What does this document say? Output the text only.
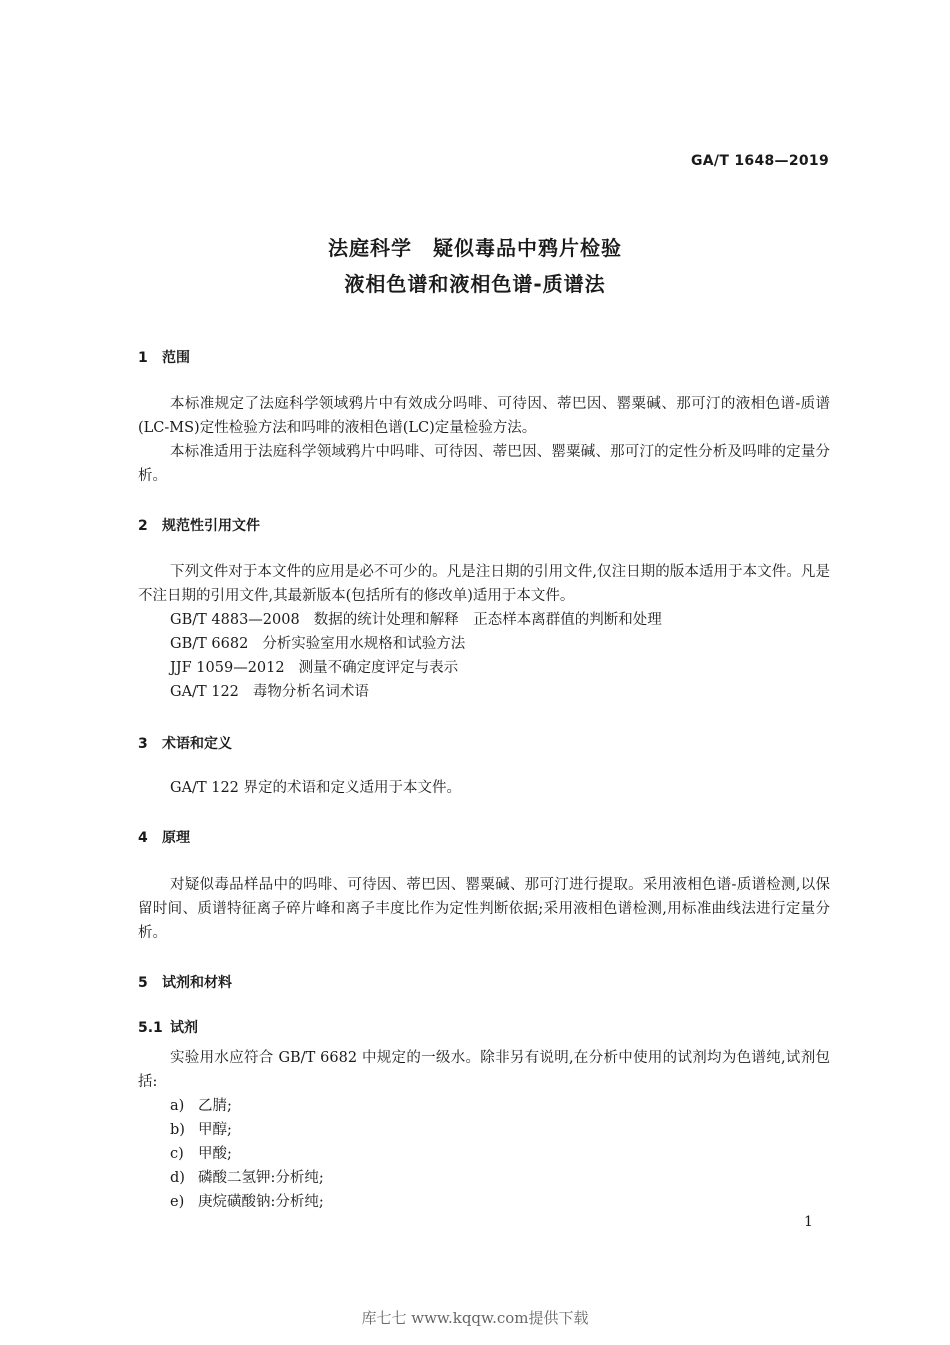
GA/T 1648—2019
法庭科学　疑似毒品中鸦片检验
液相色谱和液相色谱-质谱法
1 范围
本标准规定了法庭科学领域鸦片中有效成分吗啡、可待因、蒂巴因、罂粟碱、那可汀的液相色谱-质谱(LC-MS)定性检验方法和吗啡的液相色谱(LC)定量检验方法。
本标准适用于法庭科学领域鸦片中吗啡、可待因、蒂巴因、罂粟碱、那可汀的定性分析及吗啡的定量分析。
2 规范性引用文件
下列文件对于本文件的应用是必不可少的。凡是注日期的引用文件,仅注日期的版本适用于本文件。凡是不注日期的引用文件,其最新版本(包括所有的修改单)适用于本文件。
GB/T 4883—2008 数据的统计处理和解释　正态样本离群值的判断和处理
GB/T 6682 分析实验室用水规格和试验方法
JJF 1059—2012 测量不确定度评定与表示
GA/T 122 毒物分析名词术语
3 术语和定义
GA/T 122 界定的术语和定义适用于本文件。
4 原理
对疑似毒品样品中的吗啡、可待因、蒂巴因、罂粟碱、那可汀进行提取。采用液相色谱-质谱检测,以保留时间、质谱特征离子碎片峰和离子丰度比作为定性判断依据;采用液相色谱检测,用标准曲线法进行定量分析。
5 试剂和材料
5.1 试剂
实验用水应符合 GB/T 6682 中规定的一级水。除非另有说明,在分析中使用的试剂均为色谱纯,试剂包括:
a) 乙腈;
b) 甲醇;
c) 甲酸;
d) 磷酸二氢钾:分析纯;
e) 庚烷磺酸钠:分析纯;
1
库七七 www.kqqw.com提供下载
